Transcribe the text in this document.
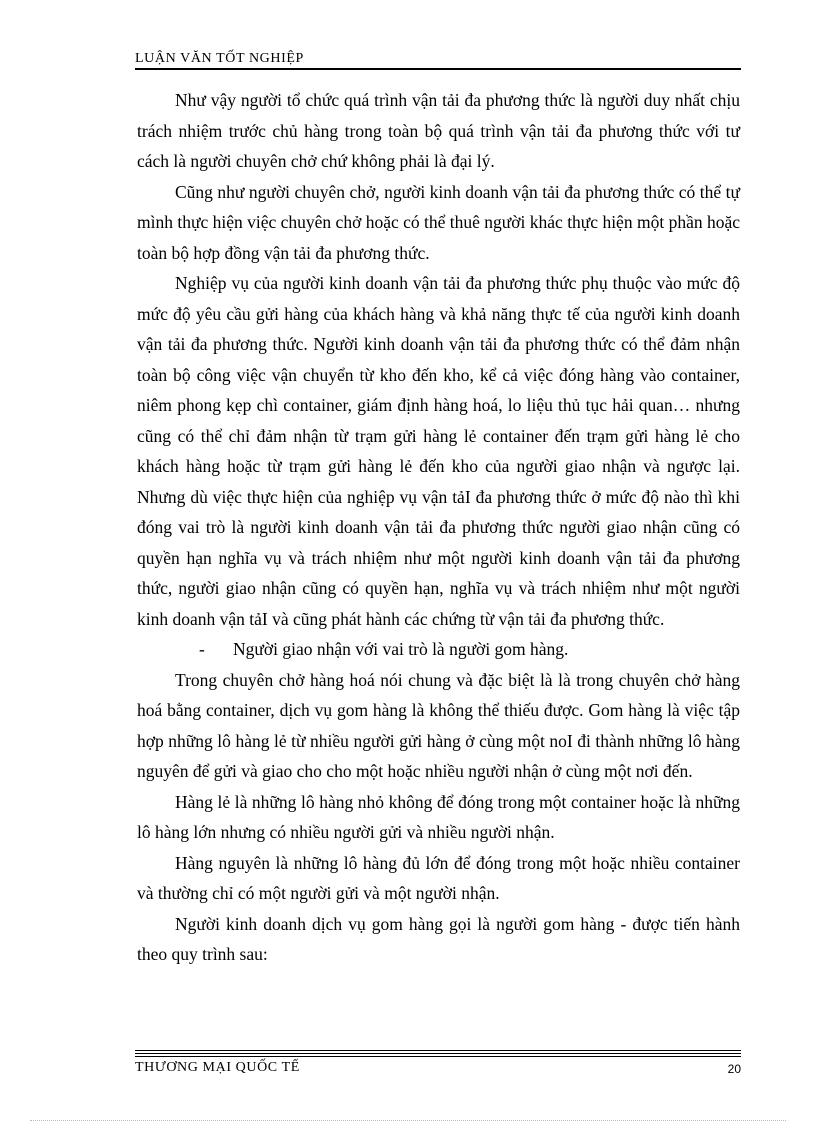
LUẬN VĂN TỐT NGHIỆP

Như vậy người tổ chức quá trình vận tải đa phương thức là người duy nhất chịu trách nhiệm trước chủ hàng trong toàn bộ quá trình vận tải đa phương thức với tư cách là người chuyên chở chứ không phải là đại lý.

Cũng như người chuyên chở, người kinh doanh vận tải đa phương thức có thể tự mình thực hiện việc chuyên chở hoặc có thể thuê người khác thực hiện một phần hoặc toàn bộ hợp đồng vận tải đa phương thức.

Nghiệp vụ của người kinh doanh vận tải đa phương thức phụ thuộc vào mức độ mức độ yêu cầu gửi hàng của khách hàng và khả năng thực tế của người kinh doanh vận tải đa phương thức. Người kinh doanh vận tải đa phương thức có thể đảm nhận toàn bộ công việc vận chuyển từ kho đến kho, kể cả việc đóng hàng vào container, niêm phong kẹp chì container, giám định hàng hoá, lo liệu thủ tục hải quan… nhưng cũng có thể chỉ đảm nhận từ trạm gửi hàng lẻ container đến trạm gửi hàng lẻ cho khách hàng hoặc từ trạm gửi hàng lẻ đến kho của người giao nhận và ngược lại. Nhưng dù việc thực hiện của nghiệp vụ vận tảI đa phương thức ở mức độ nào thì khi đóng vai trò là người kinh doanh vận tải đa phương thức người giao nhận cũng có quyền hạn nghĩa vụ và trách nhiệm như một người kinh doanh vận tải đa phương thức, người giao nhận cũng có quyền hạn, nghĩa vụ và trách nhiệm như một người kinh doanh vận tảI và cũng phát hành các chứng từ vận tải đa phương thức.

- Người giao nhận với vai trò là người gom hàng.

Trong chuyên chở hàng hoá nói chung và đặc biệt là là trong chuyên chở hàng hoá bằng container, dịch vụ gom hàng là không thể thiếu được. Gom hàng là việc tập hợp những lô hàng lẻ từ nhiều người gửi hàng ở cùng một noI đi thành những lô hàng nguyên để gửi và giao cho cho một hoặc nhiều người nhận ở cùng một nơi đến.

Hàng lẻ là những lô hàng nhỏ không để đóng trong một container hoặc là những lô hàng lớn nhưng có nhiều người gửi và nhiều người nhận.

Hàng nguyên là những lô hàng đủ lớn để đóng trong một hoặc nhiều container và thường chỉ có một người gửi và một người nhận.

Người kinh doanh dịch vụ gom hàng gọi là người gom hàng - được tiến hành theo quy trình sau:

THƯƠNG MẠI QUỐC TẾ	20
